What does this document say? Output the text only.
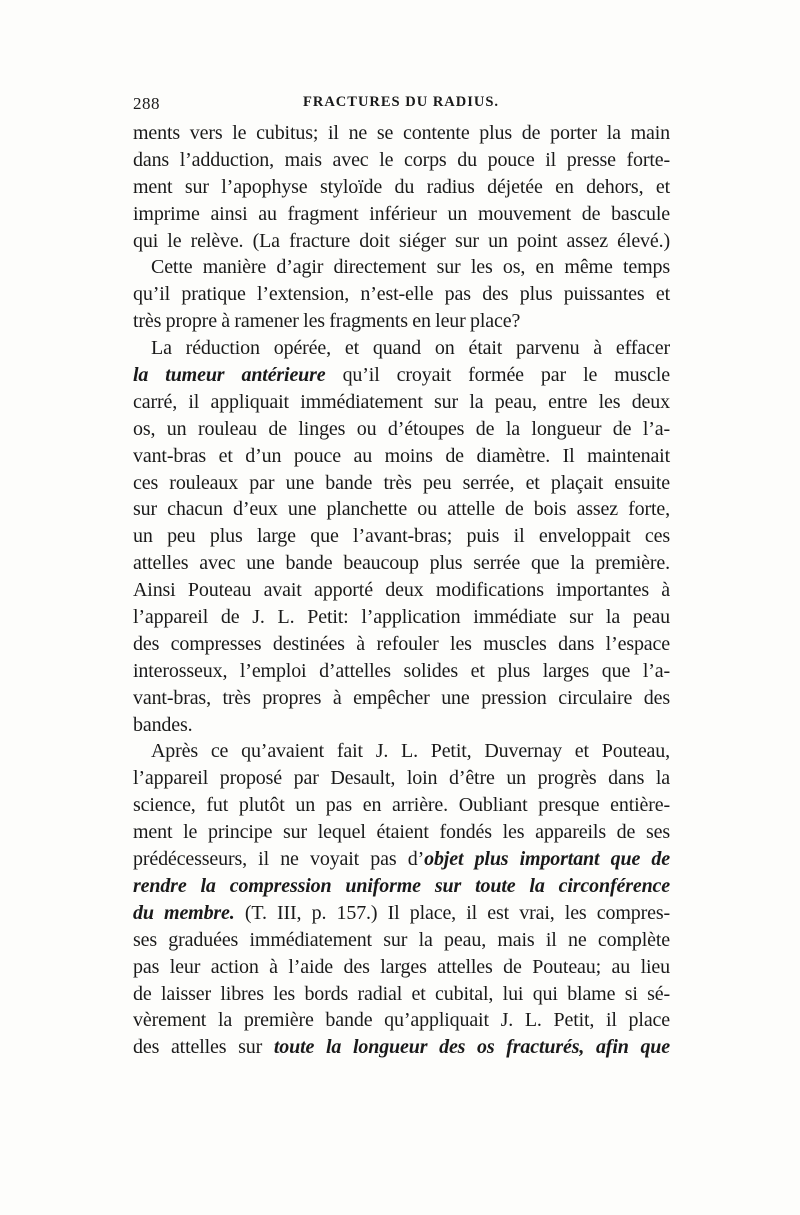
288	FRACTURES DU RADIUS.
ments vers le cubitus; il ne se contente plus de porter la main
dans l’adduction, mais avec le corps du pouce il presse forte-
ment sur l’apophyse styloïde du radius déjetée en dehors, et
imprime ainsi au fragment inférieur un mouvement de bascule
qui le relève. (La fracture doit siéger sur un point assez élevé.)
Cette manière d’agir directement sur les os, en même temps
qu’il pratique l’extension, n’est-elle pas des plus puissantes et
très propre à ramener les fragments en leur place?
La réduction opérée, et quand on était parvenu à effacer
la tumeur antérieure qu’il croyait formée par le muscle
carré, il appliquait immédiatement sur la peau, entre les deux
os, un rouleau de linges ou d’étoupes de la longueur de l’a-
vant-bras et d’un pouce au moins de diamètre. Il maintenait
ces rouleaux par une bande très peu serrée, et plaçait ensuite
sur chacun d’eux une planchette ou attelle de bois assez forte,
un peu plus large que l’avant-bras; puis il enveloppait ces
attelles avec une bande beaucoup plus serrée que la première.
Ainsi Pouteau avait apporté deux modifications importantes à
l’appareil de J. L. Petit: l’application immédiate sur la peau
des compresses destinées à refouler les muscles dans l’espace
interosseux, l’emploi d’attelles solides et plus larges que l’a-
vant-bras, très propres à empêcher une pression circulaire des
bandes.
Après ce qu’avaient fait J. L. Petit, Duvernay et Pouteau,
l’appareil proposé par Desault, loin d’être un progrès dans la
science, fut plutôt un pas en arrière. Oubliant presque entière-
ment le principe sur lequel étaient fondés les appareils de ses
prédécesseurs, il ne voyait pas d’objet plus important que de
rendre la compression uniforme sur toute la circonférence
du membre. (T. III, p. 157.) Il place, il est vrai, les compres-
ses graduées immédiatement sur la peau, mais il ne complète
pas leur action à l’aide des larges attelles de Pouteau; au lieu
de laisser libres les bords radial et cubital, lui qui blame si sé-
vèrement la première bande qu’appliquait J. L. Petit, il place
des attelles sur toute la longueur des os fracturés, afin que
